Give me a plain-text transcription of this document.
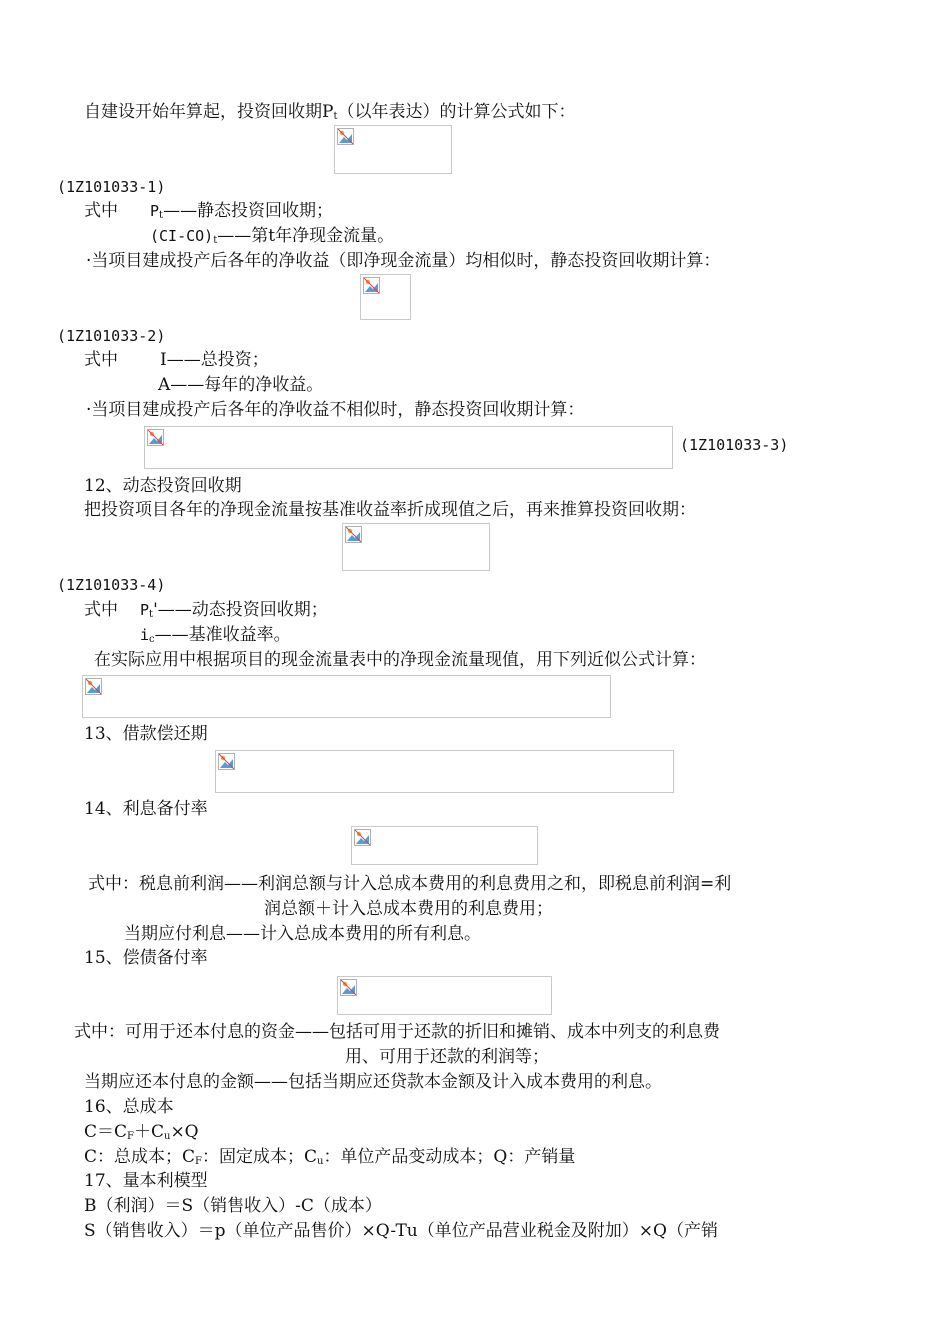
自建设开始年算起，投资回收期$P_t$（以年表达）的计算公式如下：
(1Z101033-1)
式中 $P_t——$静态投资回收期；
$(CI-CO)_t——$第t年净现金流量。
·当项目建成投产后各年的净收益（即净现金流量）均相似时，静态投资回收期计算：
(1Z101033-2)
式中 I——总投资；
A——每年的净收益。
·当项目建成投产后各年的净收益不相似时，静态投资回收期计算：
(1Z101033-3)
12、动态投资回收期
把投资项目各年的净现金流量按基准收益率折成现值之后，再来推算投资回收期：
(1Z101033-4)
式中 $P_t'——$动态投资回收期；
$i_c——$基准收益率。
在实际应用中根据项目的现金流量表中的净现金流量现值，用下列近似公式计算：
13、借款偿还期
14、利息备付率
式中：税息前利润——利润总额与计入总成本费用的利息费用之和，即税息前利润=利
润总额＋计入总成本费用的利息费用；
当期应付利息——计入总成本费用的所有利息。
15、偿债备付率
式中：可用于还本付息的资金——包括可用于还款的折旧和摊销、成本中列支的利息费
用、可用于还款的利润等；
当期应还本付息的金额——包括当期应还贷款本金额及计入成本费用的利息。
16、总成本
$C=C_F+C_u\times Q$
C：总成本；$C_F$：固定成本；$C_u$：单位产品变动成本；Q：产销量
17、量本利模型
B（利润）＝S（销售收入）-C（成本）
S（销售收入）＝p（单位产品售价）×Q-Tu（单位产品营业税金及附加）×Q（产销
